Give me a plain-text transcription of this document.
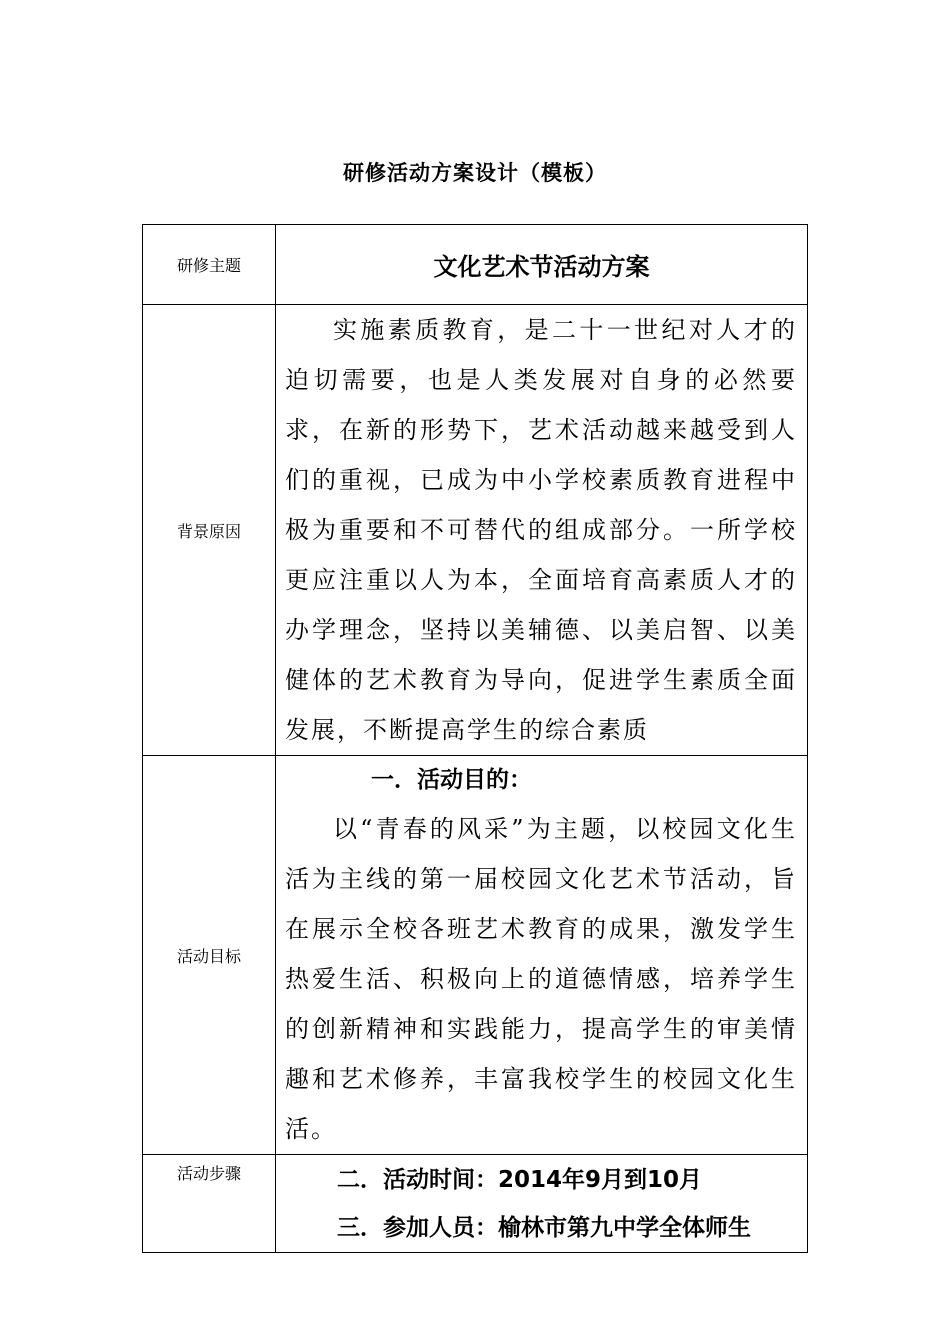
研修活动方案设计（模板）
研修主题	文化艺术节活动方案
背景原因	实施素质教育，是二十一世纪对人才的迫切需要，也是人类发展对自身的必然要求，在新的形势下，艺术活动越来越受到人们的重视，已成为中小学校素质教育进程中极为重要和不可替代的组成部分。一所学校更应注重以人为本，全面培育高素质人才的办学理念，坚持以美辅德、以美启智、以美健体的艺术教育为导向，促进学生素质全面发展，不断提高学生的综合素质

活动目标	一．活动目的：

以“青春的风采”为主题，以校园文化生活为主线的第一届校园文化艺术节活动，旨在展示全校各班艺术教育的成果，激发学生热爱生活、积极向上的道德情感，培养学生的创新精神和实践能力，提高学生的审美情趣和艺术修养，丰富我校学生的校园文化生活。

活动步骤	二．活动时间：2014年9月到10月

三．参加人员：榆林市第九中学全体师生
